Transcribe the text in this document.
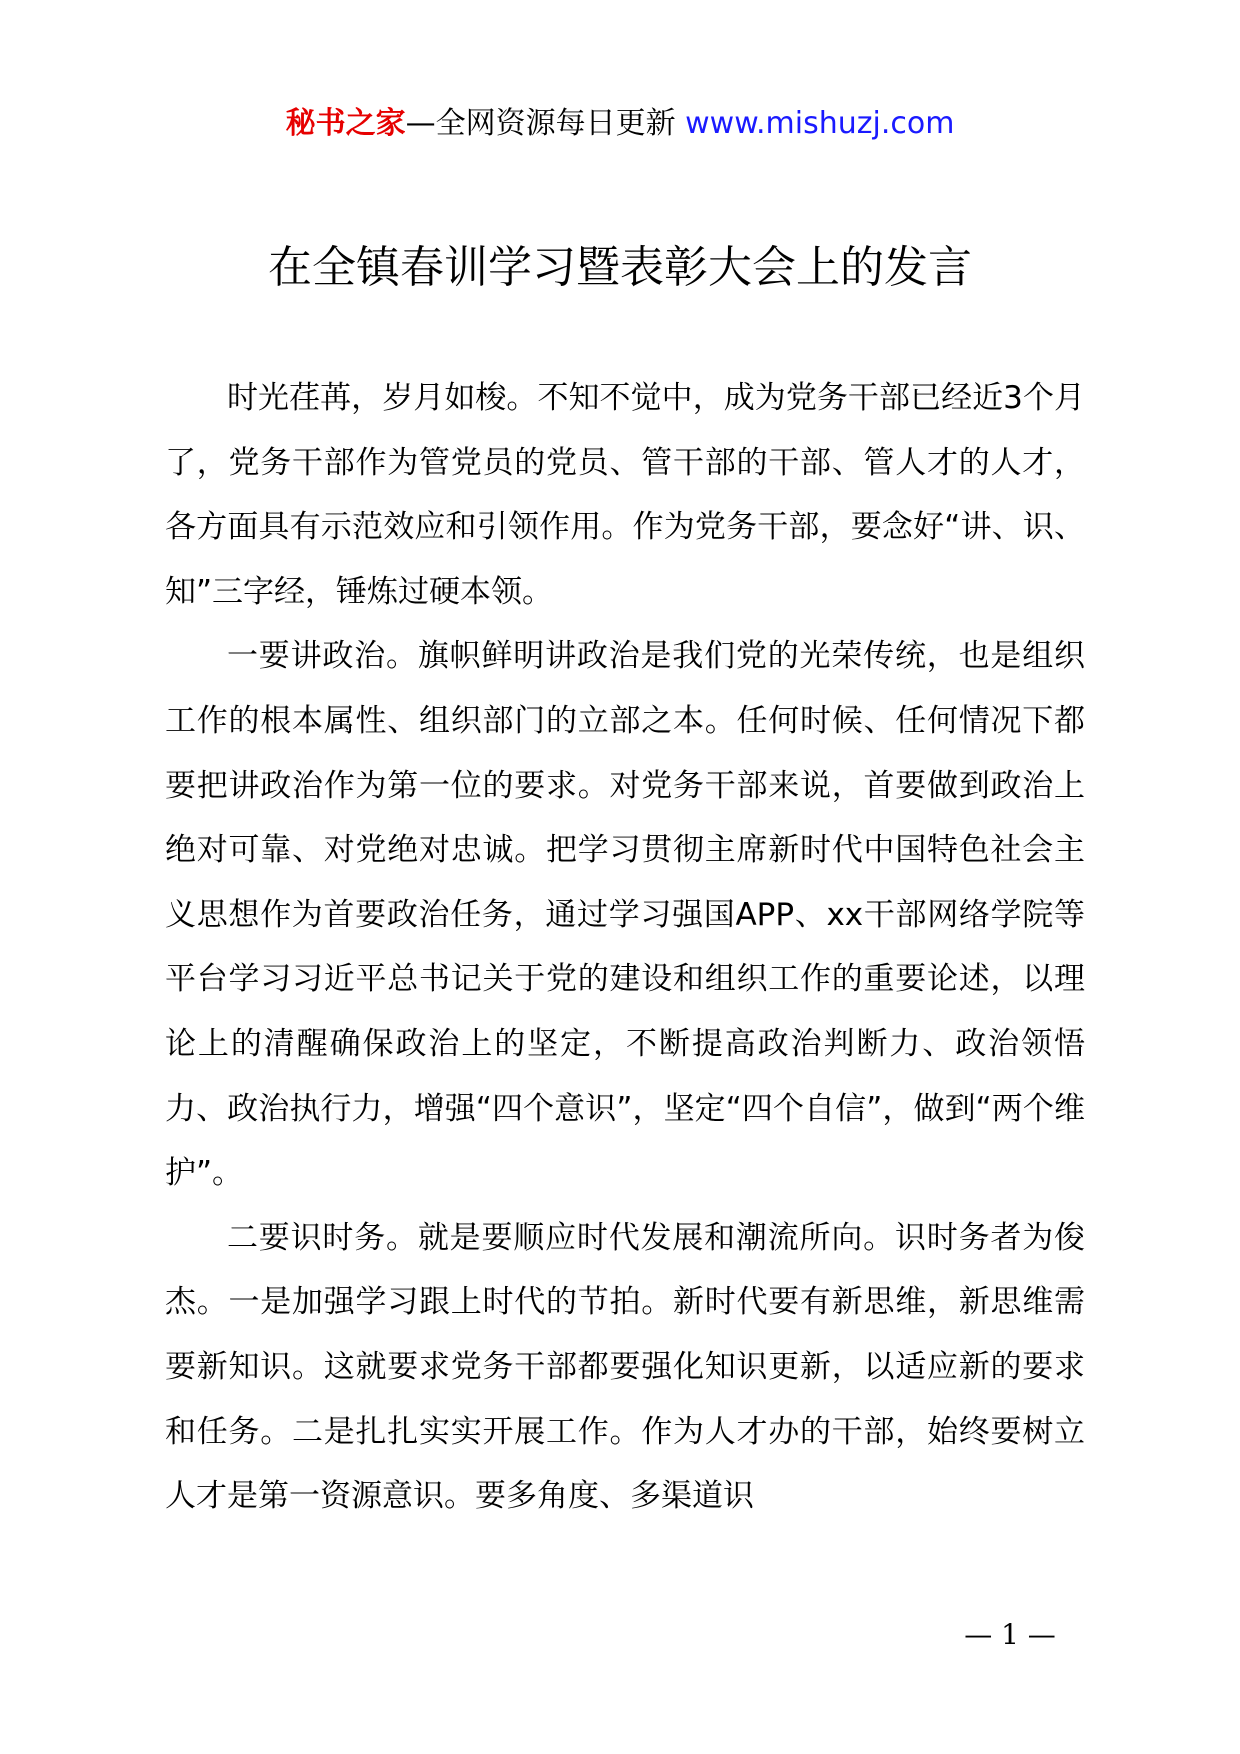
秘书之家—全网资源每日更新 www.mishuzj.com
在全镇春训学习暨表彰大会上的发言

时光荏苒，岁月如梭。不知不觉中，成为党务干部已经近3个月了，党务干部作为管党员的党员、管干部的干部、管人才的人才，各方面具有示范效应和引领作用。作为党务干部，要念好“讲、识、知”三字经，锤炼过硬本领。

一要讲政治。旗帜鲜明讲政治是我们党的光荣传统，也是组织工作的根本属性、组织部门的立部之本。任何时候、任何情况下都要把讲政治作为第一位的要求。对党务干部来说，首要做到政治上绝对可靠、对党绝对忠诚。把学习贯彻主席新时代中国特色社会主义思想作为首要政治任务，通过学习强国APP、xx干部网络学院等平台学习习近平总书记关于党的建设和组织工作的重要论述，以理论上的清醒确保政治上的坚定，不断提高政治判断力、政治领悟力、政治执行力，增强“四个意识”，坚定“四个自信”，做到“两个维护”。

二要识时务。就是要顺应时代发展和潮流所向。识时务者为俊杰。一是加强学习跟上时代的节拍。新时代要有新思维，新思维需要新知识。这就要求党务干部都要强化知识更新，以适应新的要求和任务。二是扎扎实实开展工作。作为人才办的干部，始终要树立人才是第一资源意识。要多角度、多渠道识

— 1 —
